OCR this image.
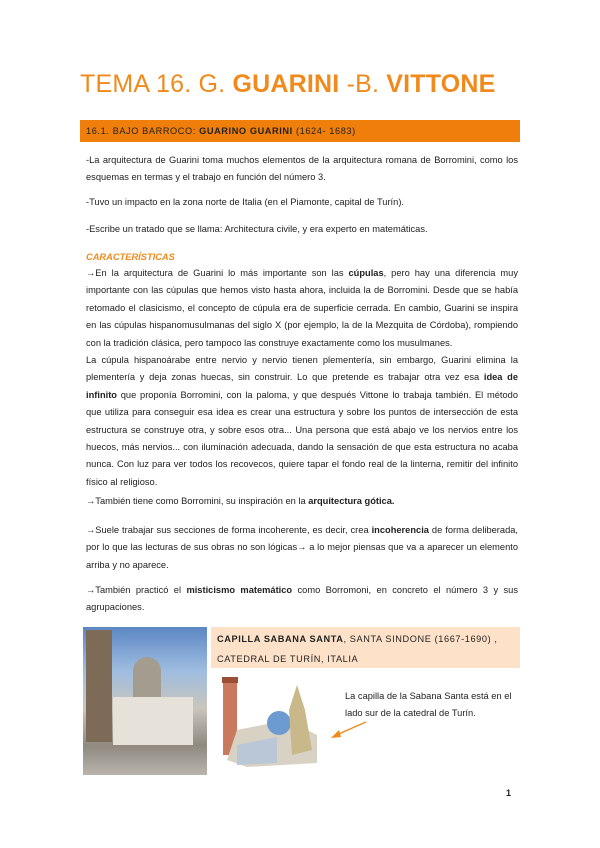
TEMA 16. G. GUARINI -B. VITTONE
16.1. BAJO BARROCO: GUARINO GUARINI (1624- 1683)
-La arquitectura de Guarini toma muchos elementos de la arquitectura romana de Borromini, como los esquemas en termas y el trabajo en función del número 3.
-Tuvo un impacto en la zona norte de Italia (en el Piamonte, capital de Turín).
-Escribe un tratado que se llama: Architectura civile, y era experto en matemáticas.
CARACTERÍSTICAS
→En la arquitectura de Guarini lo más importante son las cúpulas, pero hay una diferencia muy importante con las cúpulas que hemos visto hasta ahora, incluida la de Borromini. Desde que se había retomado el clasicismo, el concepto de cúpula era de superficie cerrada. En cambio, Guarini se inspira en las cúpulas hispanomusulmanas del siglo X (por ejemplo, la de la Mezquita de Córdoba), rompiendo con la tradición clásica, pero tampoco las construye exactamente como los musulmanes.
La cúpula hispanoárabe entre nervio y nervio tienen plementería, sin embargo, Guarini elimina la plementería y deja zonas huecas, sin construir. Lo que pretende es trabajar otra vez esa idea de infinito que proponía Borromini, con la paloma, y que después Vittone lo trabaja también. El método que utiliza para conseguir esa idea es crear una estructura y sobre los puntos de intersección de esta estructura se construye otra, y sobre esos otra... Una persona que está abajo ve los nervios entre los huecos, más nervios... con iluminación adecuada, dando la sensación de que esta estructura no acaba nunca. Con luz para ver todos los recovecos, quiere tapar el fondo real de la linterna, remitir del infinito físico al religioso.
→También tiene como Borromini, su inspiración en la arquitectura gótica.
→Suele trabajar sus secciones de forma incoherente, es decir, crea incoherencia de forma deliberada, por lo que las lecturas de sus obras no son lógicas→ a lo mejor piensas que va a aparecer un elemento arriba y no aparece.
→También practicó el misticismo matemático como Borromoni, en concreto el número 3 y sus agrupaciones.
CAPILLA SABANA SANTA, SANTA SINDONE (1667-1690) ,
CATEDRAL DE TURÍN, ITALIA
La capilla de la Sabana Santa está en el lado sur de la catedral de Turín.
1
